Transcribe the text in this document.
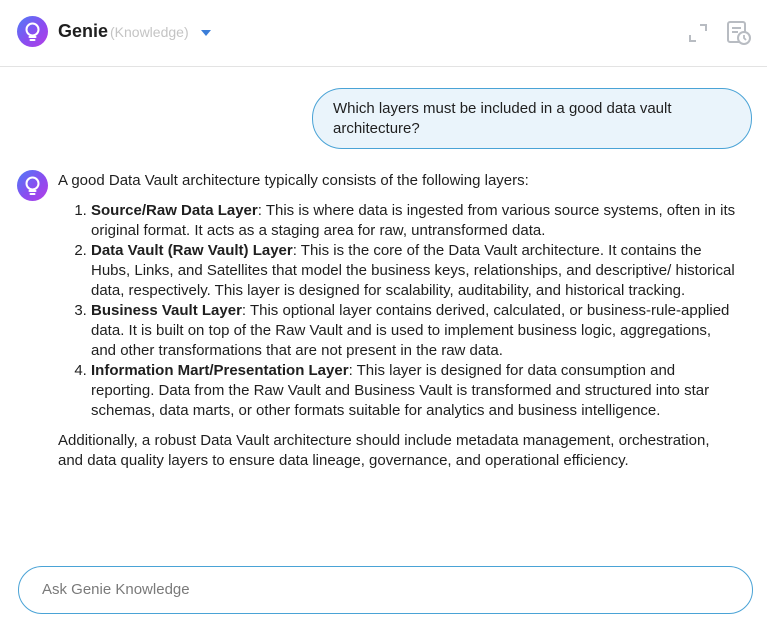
Genie (Knowledge)
Which layers must be included in a good data vault architecture?

A good Data Vault architecture typically consists of the following layers:

1. Source/Raw Data Layer: This is where data is ingested from various source systems, often in its original format. It acts as a staging area for raw, untransformed data.
2. Data Vault (Raw Vault) Layer: This is the core of the Data Vault architecture. It contains the Hubs, Links, and Satellites that model the business keys, relationships, and descriptive/ historical data, respectively. This layer is designed for scalability, auditability, and historical tracking.
3. Business Vault Layer: This optional layer contains derived, calculated, or business-rule-applied data. It is built on top of the Raw Vault and is used to implement business logic, aggregations, and other transformations that are not present in the raw data.
4. Information Mart/Presentation Layer: This layer is designed for data consumption and reporting. Data from the Raw Vault and Business Vault is transformed and structured into star schemas, data marts, or other formats suitable for analytics and business intelligence.

Additionally, a robust Data Vault architecture should include metadata management, orchestration, and data quality layers to ensure data lineage, governance, and operational efficiency.

Ask Genie Knowledge
